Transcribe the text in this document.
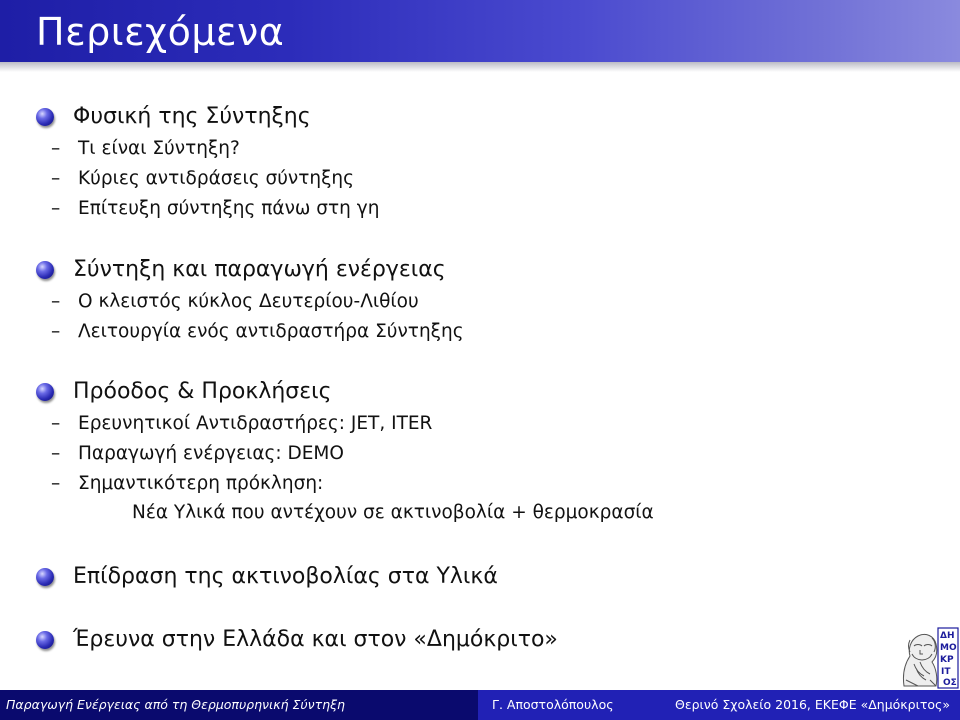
Περιεχόμενα
Φυσική της Σύντηξης
– Τι είναι Σύντηξη?
– Κύριες αντιδράσεις σύντηξης
– Επίτευξη σύντηξης πάνω στη γη
Σύντηξη και παραγωγή ενέργειας
– Ο κλειστός κύκλος Δευτερίου-Λιθίου
– Λειτουργία ενός αντιδραστήρα Σύντηξης
Πρόοδος & Προκλήσεις
– Ερευνητικοί Αντιδραστήρες: JET, ITER
– Παραγωγή ενέργειας: DEMO
– Σημαντικότερη πρόκληση:
Νέα Υλικά που αντέχουν σε ακτινοβολία + θερμοκρασία
Επίδραση της ακτινοβολίας στα Υλικά
Έρευνα στην Ελλάδα και στον «Δημόκριτο»	ΔΗ
ΜΟ
ΚΡ
ΙΤ
ΟΣ
Παραγωγή Ενέργειας από τη Θερμοπυρηνική Σύντηξη	Γ. Αποστολόπουλος	Θερινό Σχολείο 2016, ΕΚΕΦΕ «Δημόκριτος»
